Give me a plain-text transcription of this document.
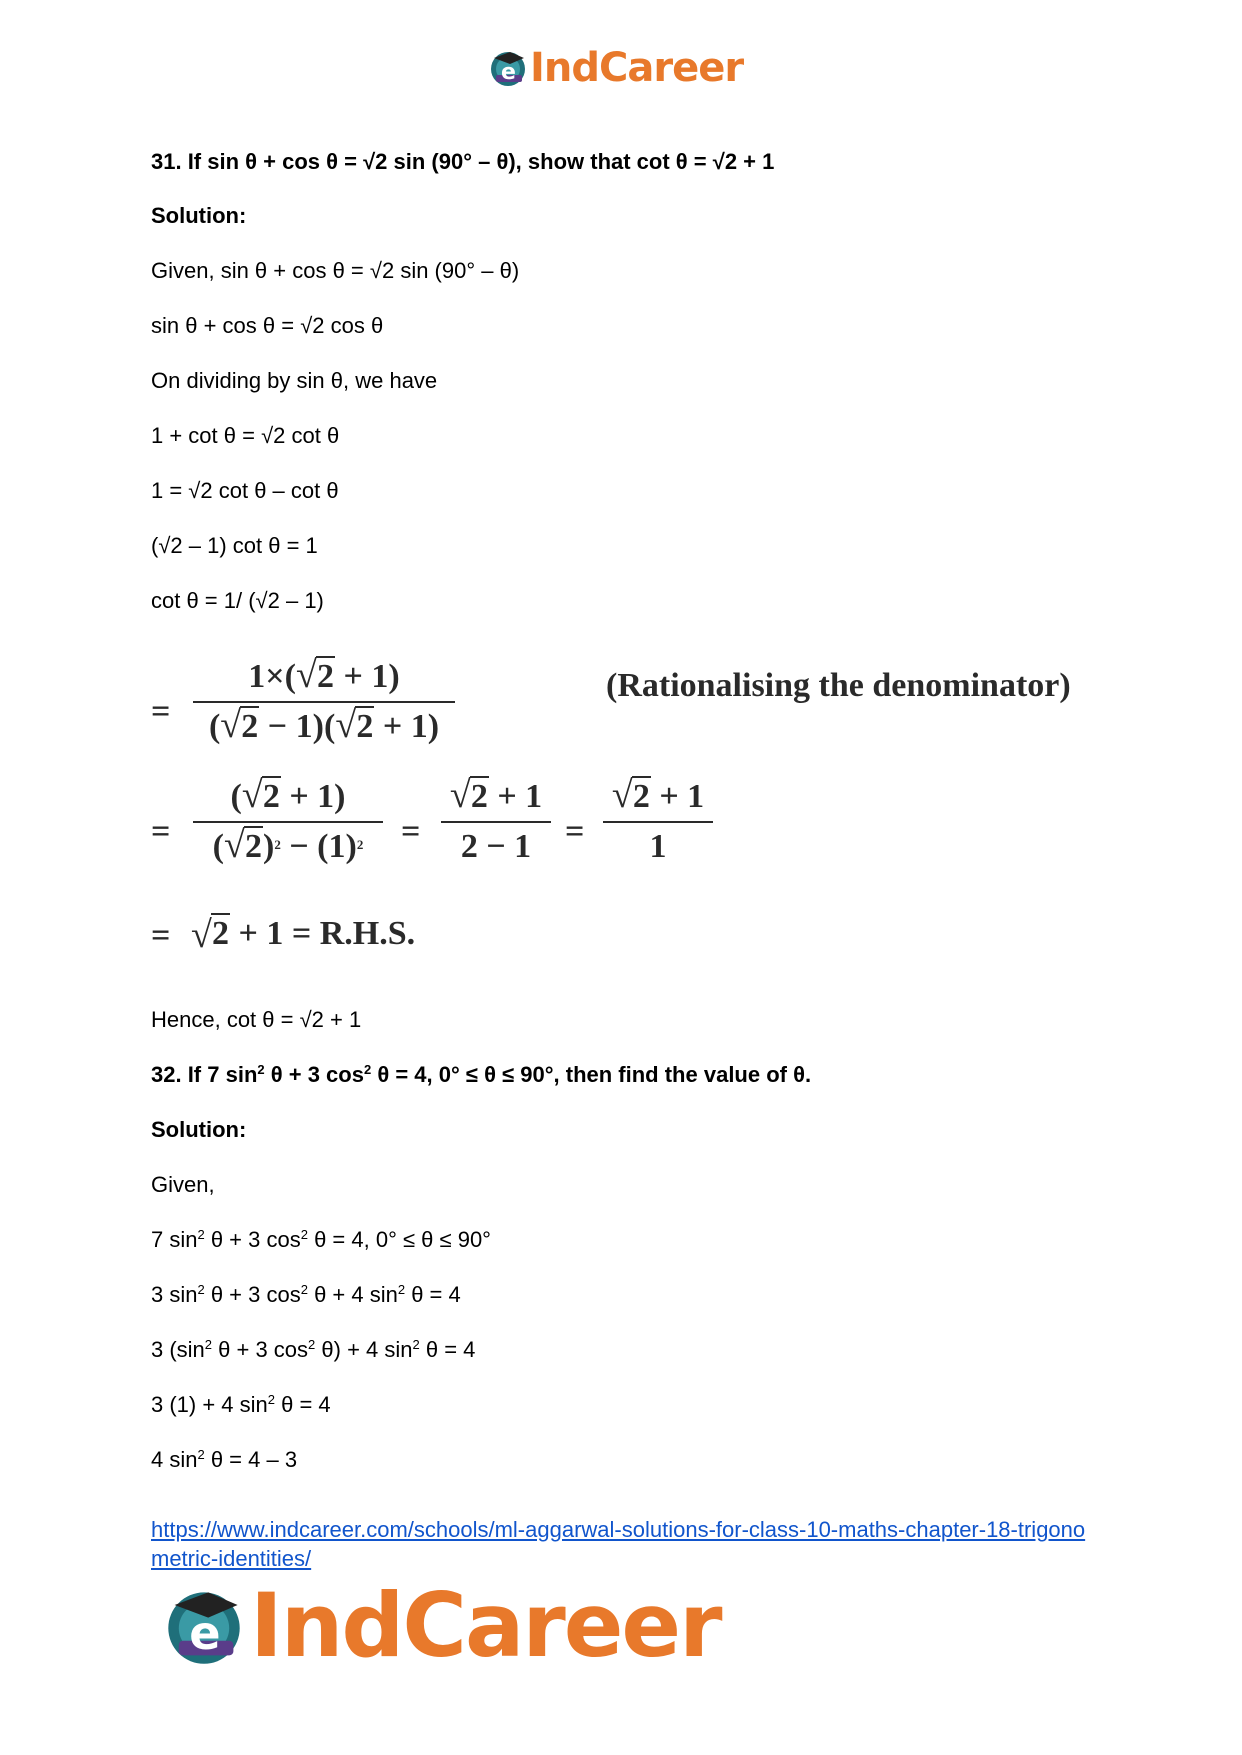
e IndCareer
31. If sin θ + cos θ = √2 sin (90° – θ), show that cot θ = √2 + 1
Solution:
Given, sin θ + cos θ = √2 sin (90° – θ)
sin θ + cos θ = √2 cos θ
On dividing by sin θ, we have
1 + cot θ = √2 cot θ
1 = √2 cot θ – cot θ
(√2 – 1) cot θ = 1
cot θ = 1/ (√2 – 1)
=
1×( √ 2 + 1)
( √ 2 − 1)( √ 2 + 1)
(Rationalising the denominator)
=
( √ 2 + 1)
( √ $2)^2 - (1)^2$	=
√ 2 + 1
2 − 1 =
√ 2 + 1
1
= √ 2 + 1 = R.H.S.
Hence, cot θ = √2 + 1
32. If 7 $\sin^2 \theta + 3$ $\cos^2 \theta = 4$, 0° ≤ θ ≤ 90°, then find the value of θ.
Solution:
Given,
7 $\sin^2 \theta + 3$ $\cos^2 \theta = 4$, 0° ≤ θ ≤ 90°
3 $\sin^2 \theta + 3$ $\cos^2 \theta + 4$ $\sin^2 \theta = 4$
3 ($\sin^2$ θ + 3 $\cos^2 \theta) + 4$ $\sin^2 \theta = 4$
3 (1) + 4 $\sin^2 \theta = 4$
4 $\sin^2 \theta = 4 - 3$
https://www.indcareer.com/schools/ml-aggarwal-solutions-for-class-10-maths-chapter-18-trigonometric-identities/
e IndCareer
